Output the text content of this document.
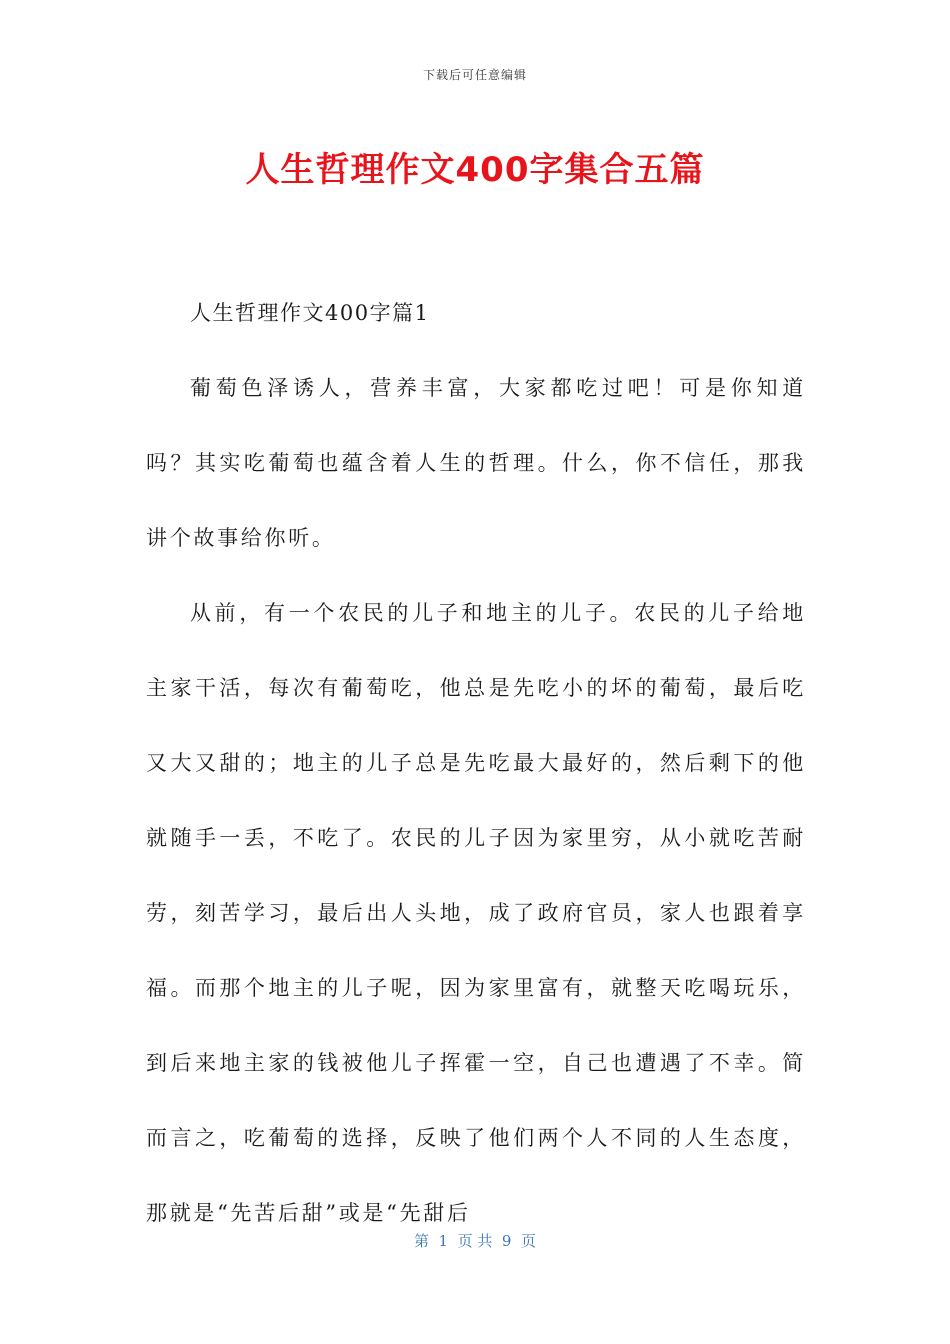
下载后可任意编辑
人生哲理作文400字集合五篇

人生哲理作文400字篇1

葡萄色泽诱人，营养丰富，大家都吃过吧！可是你知道吗？其实吃葡萄也蕴含着人生的哲理。什么，你不信任，那我讲个故事给你听。

从前，有一个农民的儿子和地主的儿子。农民的儿子给地主家干活，每次有葡萄吃，他总是先吃小的坏的葡萄，最后吃又大又甜的；地主的儿子总是先吃最大最好的，然后剩下的他就随手一丢，不吃了。农民的儿子因为家里穷，从小就吃苦耐劳，刻苦学习，最后出人头地，成了政府官员，家人也跟着享福。而那个地主的儿子呢，因为家里富有，就整天吃喝玩乐，到后来地主家的钱被他儿子挥霍一空，自己也遭遇了不幸。简而言之，吃葡萄的选择，反映了他们两个人不同的人生态度，那就是“先苦后甜”或是“先甜后

第  1  页 共  9  页
